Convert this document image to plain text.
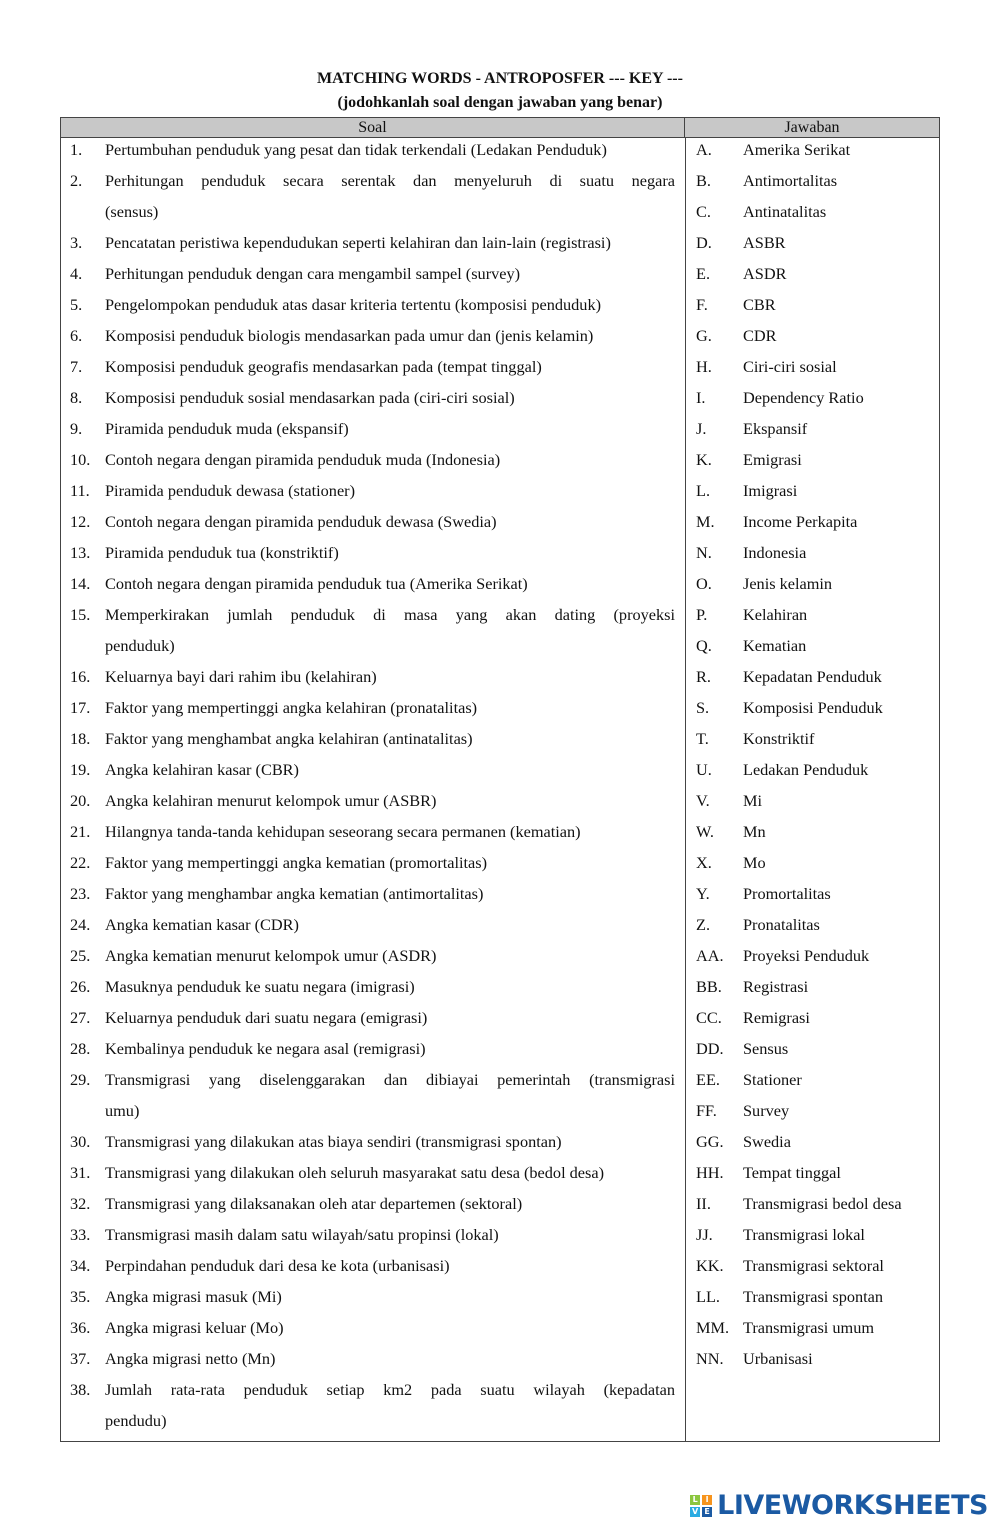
MATCHING WORDS - ANTROPOSFER --- KEY ---
(jodohkanlah soal dengan jawaban yang benar)
Soal	Jawaban
1. Pertumbuhan penduduk yang pesat dan tidak terkendali (Ledakan Penduduk)
2. Perhitungan penduduk secara serentak dan menyeluruh di suatu negara
(sensus)
3. Pencatatan peristiwa kependudukan seperti kelahiran dan lain-lain (registrasi)
4. Perhitungan penduduk dengan cara mengambil sampel (survey)
5. Pengelompokan penduduk atas dasar kriteria tertentu (komposisi penduduk)
6. Komposisi penduduk biologis mendasarkan pada umur dan (jenis kelamin)
7. Komposisi penduduk geografis mendasarkan pada (tempat tinggal)
8. Komposisi penduduk sosial mendasarkan pada (ciri-ciri sosial)
9. Piramida penduduk muda (ekspansif)
10. Contoh negara dengan piramida penduduk muda (Indonesia)
11. Piramida penduduk dewasa (stationer)
12. Contoh negara dengan piramida penduduk dewasa (Swedia)
13. Piramida penduduk tua (konstriktif)
14. Contoh negara dengan piramida penduduk tua (Amerika Serikat)
15. Memperkirakan jumlah penduduk di masa yang akan dating (proyeksi
penduduk)
16. Keluarnya bayi dari rahim ibu (kelahiran)
17. Faktor yang mempertinggi angka kelahiran (pronatalitas)
18. Faktor yang menghambat angka kelahiran (antinatalitas)
19. Angka kelahiran kasar (CBR)
20. Angka kelahiran menurut kelompok umur (ASBR)
21. Hilangnya tanda-tanda kehidupan seseorang secara permanen (kematian)
22. Faktor yang mempertinggi angka kematian (promortalitas)
23. Faktor yang menghambar angka kematian (antimortalitas)
24. Angka kematian kasar (CDR)
25. Angka kematian menurut kelompok umur (ASDR)
26. Masuknya penduduk ke suatu negara (imigrasi)
27. Keluarnya penduduk dari suatu negara (emigrasi)
28. Kembalinya penduduk ke negara asal (remigrasi)
29. Transmigrasi yang diselenggarakan dan dibiayai pemerintah (transmigrasi
umu)
30. Transmigrasi yang dilakukan atas biaya sendiri (transmigrasi spontan)
31. Transmigrasi yang dilakukan oleh seluruh masyarakat satu desa (bedol desa)
32. Transmigrasi yang dilaksanakan oleh atar departemen (sektoral)
33. Transmigrasi masih dalam satu wilayah/satu propinsi (lokal)
34. Perpindahan penduduk dari desa ke kota (urbanisasi)
35. Angka migrasi masuk (Mi)
36. Angka migrasi keluar (Mo)
37. Angka migrasi netto (Mn)
38. Jumlah rata-rata penduduk setiap km2 pada suatu wilayah (kepadatan
pendudu)
A. Amerika Serikat
B. Antimortalitas
C. Antinatalitas
D. ASBR
E. ASDR
F. CBR
G. CDR
H. Ciri-ciri sosial
I. Dependency Ratio
J. Ekspansif
K. Emigrasi
L. Imigrasi
M. Income Perkapita
N. Indonesia
O. Jenis kelamin
P. Kelahiran
Q. Kematian
R. Kepadatan Penduduk
S. Komposisi Penduduk
T. Konstriktif
U. Ledakan Penduduk
V. Mi
W. Mn
X. Mo
Y. Promortalitas
Z. Pronatalitas
AA. Proyeksi Penduduk
BB. Registrasi
CC. Remigrasi
DD. Sensus
EE. Stationer
FF. Survey
GG. Swedia
HH. Tempat tinggal
II. Transmigrasi bedol desa
JJ. Transmigrasi lokal
KK. Transmigrasi sektoral
LL. Transmigrasi spontan
MM. Transmigrasi umum
NN. Urbanisasi
L I
V E LIVEWORKSHEETS
